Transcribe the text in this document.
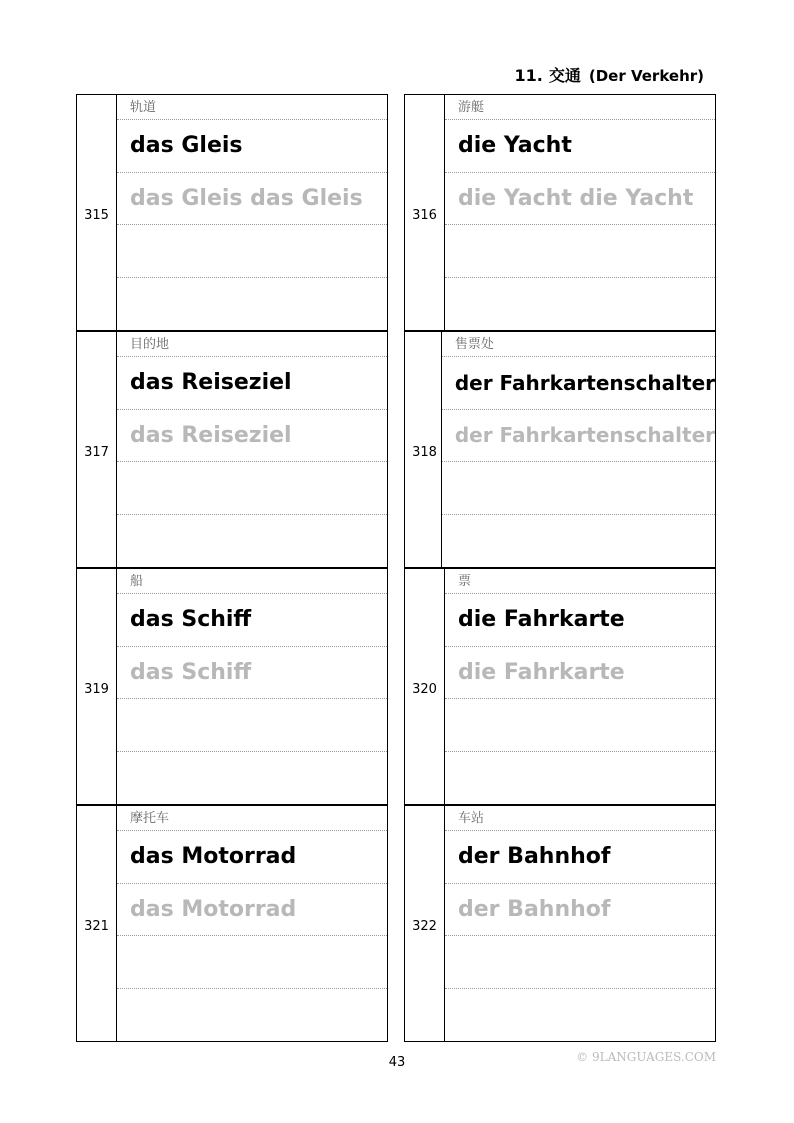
11. 交通 (Der Verkehr)
315
轨道
das Gleis
das Gleis das Gleis
316
游艇
die Yacht
die Yacht die Yacht
317
目的地
das Reiseziel
das Reiseziel
318
售票处
der Fahrkartenschalter
der Fahrkartenschalter
319
船
das Schiff
das Schiff
320
票
die Fahrkarte
die Fahrkarte
321
摩托车
das Motorrad
das Motorrad
322
车站
der Bahnhof
der Bahnhof
43	© 9LANGUAGES.COM
